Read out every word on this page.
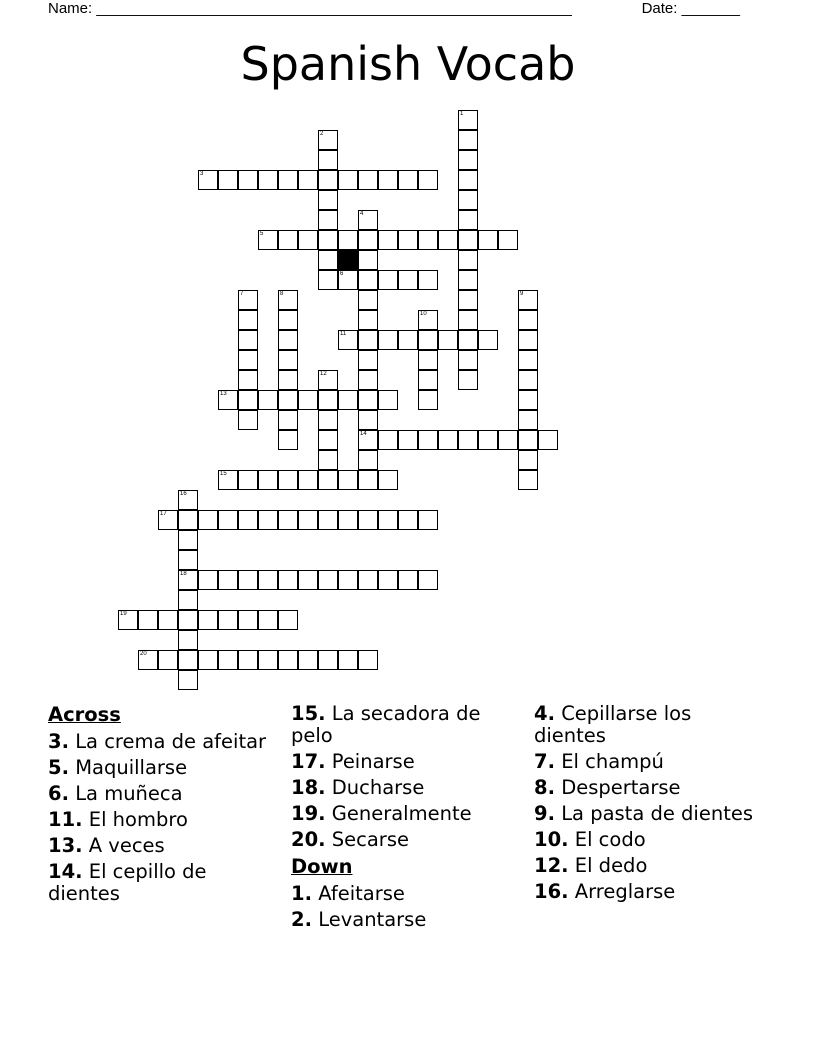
Name: _________________________________________________________	Date: _______
Spanish Vocab
3
5
6
11
13
14
15
17
18
19
20
1
2
4
7	8	9
10
12
16
Across
3. La crema de afeitar
5. Maquillarse
6. La muñeca
11. El hombro
13. A veces
14. El cepillo de dientes
15. La secadora de pelo
17. Peinarse
18. Ducharse
19. Generalmente
20. Secarse
Down
1. Afeitarse
2. Levantarse
4. Cepillarse los dientes
7. El champú
8. Despertarse
9. La pasta de dientes
10. El codo
12. El dedo
16. Arreglarse
